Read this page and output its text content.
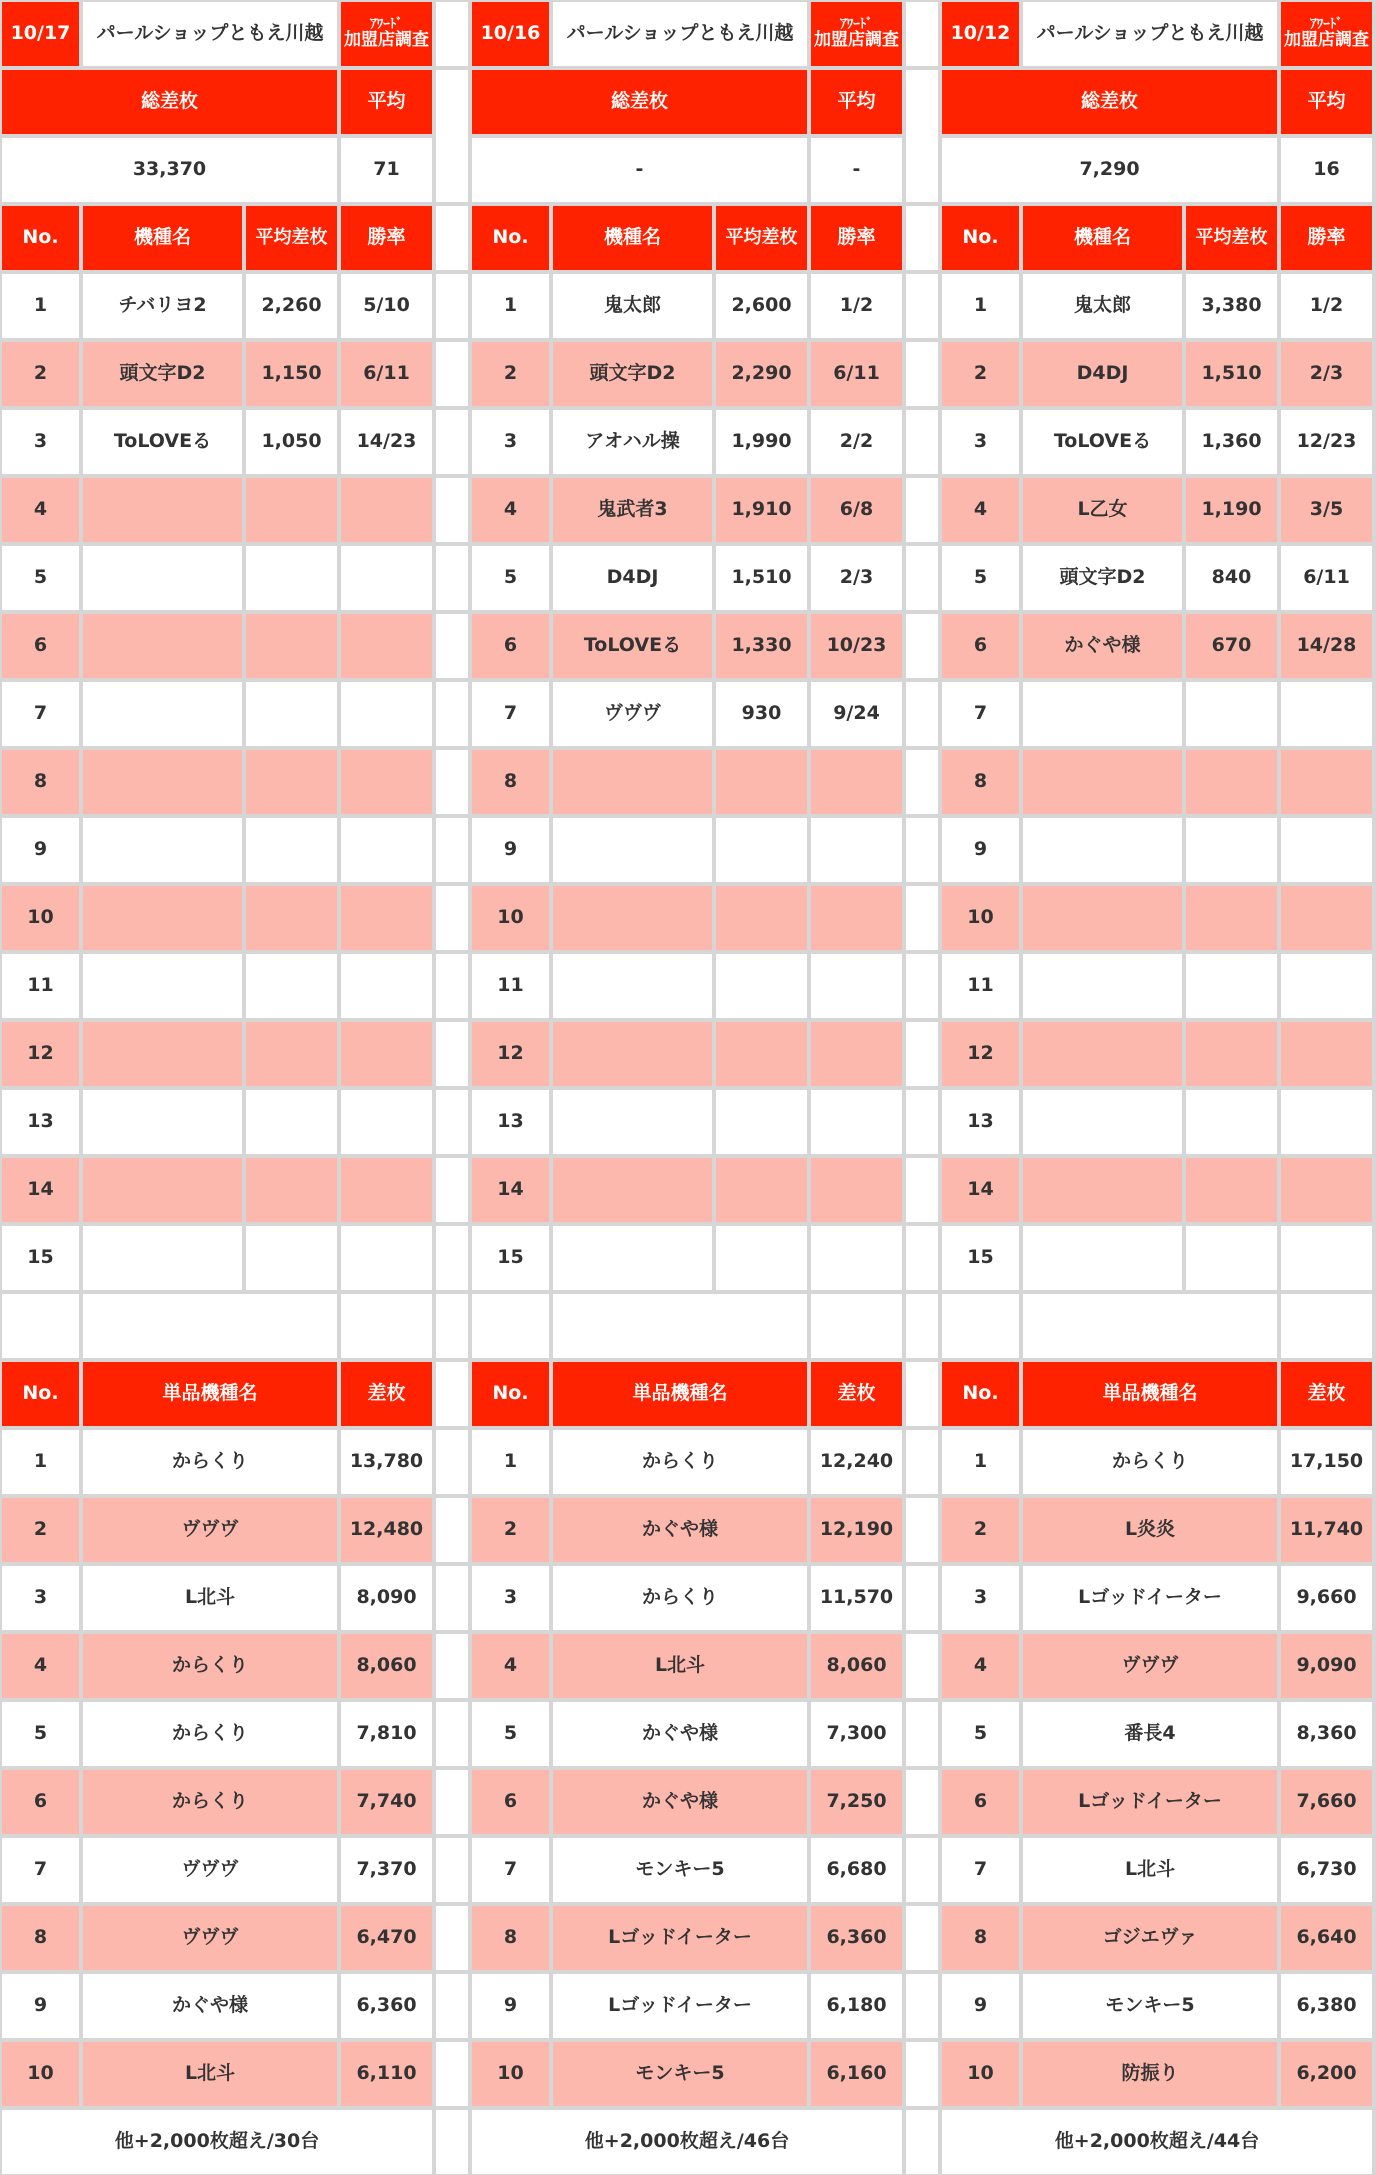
10/17	パールショップともえ川越	ｱﾜｰﾄﾞ
加盟店調査
総差枚	平均
33,370	71
No.	機種名	平均差枚	勝率
1	チバリヨ2	2,260	5/10
2	頭文字D2	1,150	6/11
3	ToLOVEる	1,050	14/23
4
5
6
7
8
9
10
11
12
13
14
15
No.	単品機種名	差枚
1	からくり	13,780
2	ヴヴヴ	12,480
3	L北斗	8,090
4	からくり	8,060
5	からくり	7,810
6	からくり	7,740
7	ヴヴヴ	7,370
8	ヴヴヴ	6,470
9	かぐや様	6,360
10	L北斗	6,110
他+2,000枚超え/30台
10/16	パールショップともえ川越	ｱﾜｰﾄﾞ
加盟店調査
総差枚	平均
-	-
No.	機種名	平均差枚	勝率
1	鬼太郎	2,600	1/2
2	頭文字D2	2,290	6/11
3	アオハル操	1,990	2/2
4	鬼武者3	1,910	6/8
5	D4DJ	1,510	2/3
6	ToLOVEる	1,330	10/23
7	ヴヴヴ	930	9/24
8
9
10
11
12
13
14
15
No.	単品機種名	差枚
1	からくり	12,240
2	かぐや様	12,190
3	からくり	11,570
4	L北斗	8,060
5	かぐや様	7,300
6	かぐや様	7,250
7	モンキー5	6,680
8	Lゴッドイーター	6,360
9	Lゴッドイーター	6,180
10	モンキー5	6,160
他+2,000枚超え/46台
10/12	パールショップともえ川越	ｱﾜｰﾄﾞ
加盟店調査
総差枚	平均
7,290	16
No.	機種名	平均差枚	勝率
1	鬼太郎	3,380	1/2
2	D4DJ	1,510	2/3
3	ToLOVEる	1,360	12/23
4	L乙女	1,190	3/5
5	頭文字D2	840	6/11
6	かぐや様	670	14/28
7
8
9
10
11
12
13
14
15
No.	単品機種名	差枚
1	からくり	17,150
2	L炎炎	11,740
3	Lゴッドイーター	9,660
4	ヴヴヴ	9,090
5	番長4	8,360
6	Lゴッドイーター	7,660
7	L北斗	6,730
8	ゴジエヴァ	6,640
9	モンキー5	6,380
10	防振り	6,200
他+2,000枚超え/44台
